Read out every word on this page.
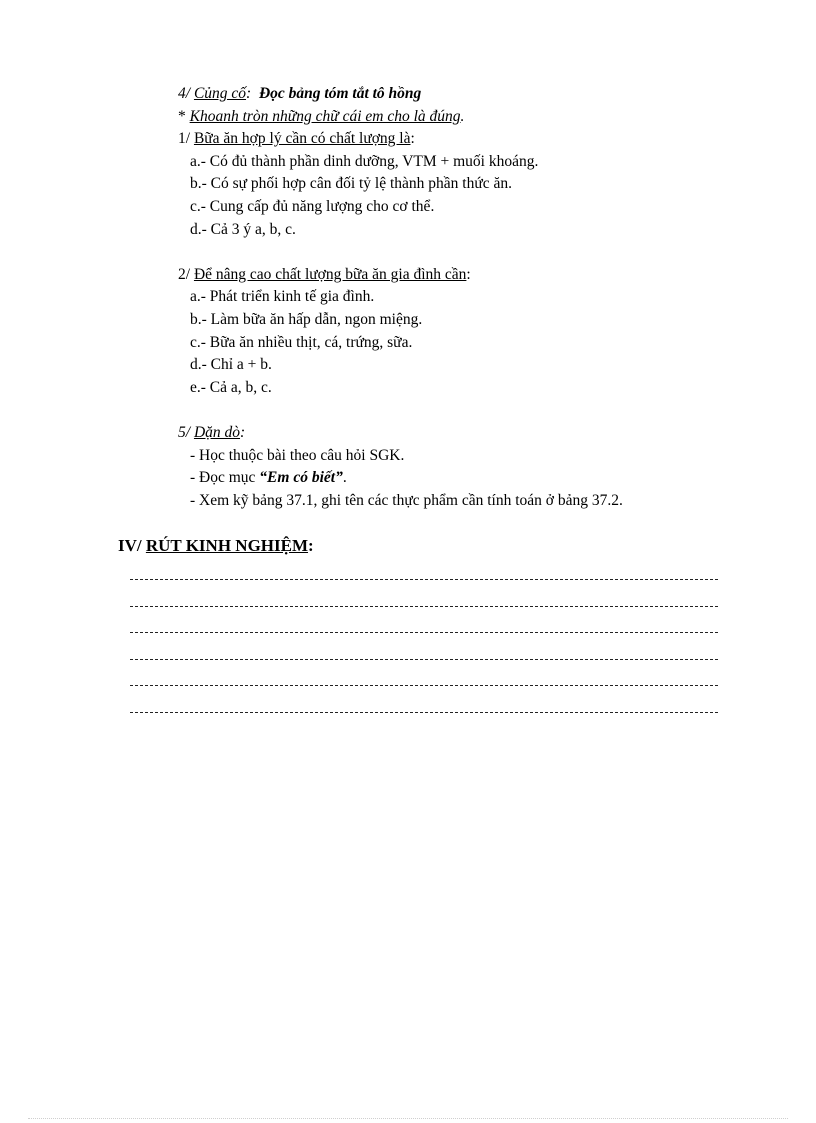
4/ Củng cố: Đọc bảng tóm tắt tô hồng
* Khoanh tròn những chữ cái em cho là đúng.
1/ Bữa ăn hợp lý cần có chất lượng là:
a.- Có đủ thành phần dinh dưỡng, VTM + muối khoáng.
b.- Có sự phối hợp cân đối tỷ lệ thành phần thức ăn.
c.- Cung cấp đủ năng lượng cho cơ thể.
d.- Cả 3 ý a, b, c.
2/ Để nâng cao chất lượng bữa ăn gia đình cần:
a.- Phát triển kinh tế gia đình.
b.- Làm bữa ăn hấp dẫn, ngon miệng.
c.- Bữa ăn nhiều thịt, cá, trứng, sữa.
d.- Chỉ a + b.
e.- Cả a, b, c.
5/ Dặn dò:
- Học thuộc bài theo câu hỏi SGK.
- Đọc mục “Em có biết”.
- Xem kỹ bảng 37.1, ghi tên các thực phẩm cần tính toán ở bảng 37.2.
IV/ RÚT KINH NGHIỆM:
